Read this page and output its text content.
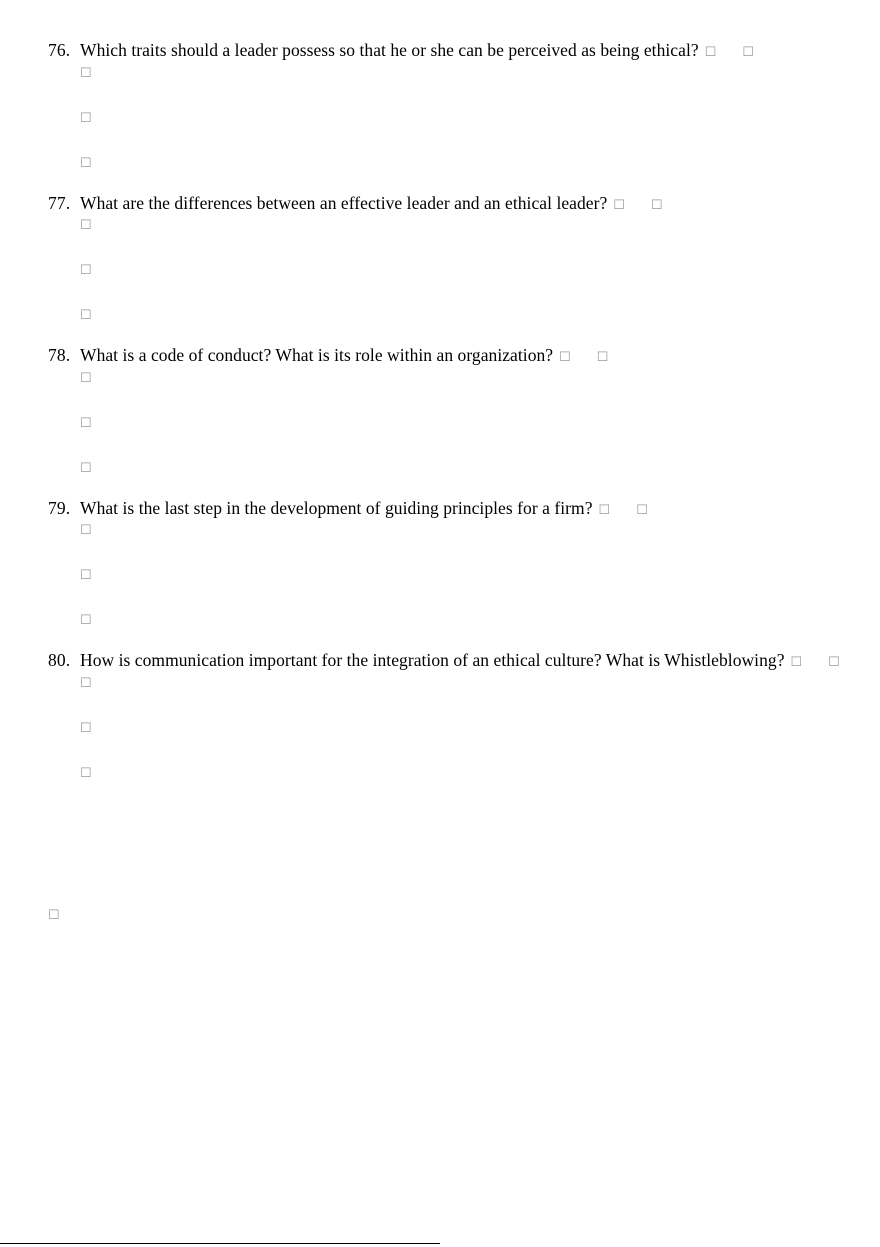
76. Which traits should a leader possess so that he or she can be perceived as being ethical? ☐ ☐
☐
☐
☐
77. What are the differences between an effective leader and an ethical leader? ☐ ☐
☐
☐
☐
78. What is a code of conduct? What is its role within an organization? ☐ ☐
☐
☐
☐
79. What is the last step in the development of guiding principles for a firm? ☐ ☐
☐
☐
☐
80. How is communication important for the integration of an ethical culture? What is Whistleblowing? ☐ ☐
☐
☐
☐
☐
